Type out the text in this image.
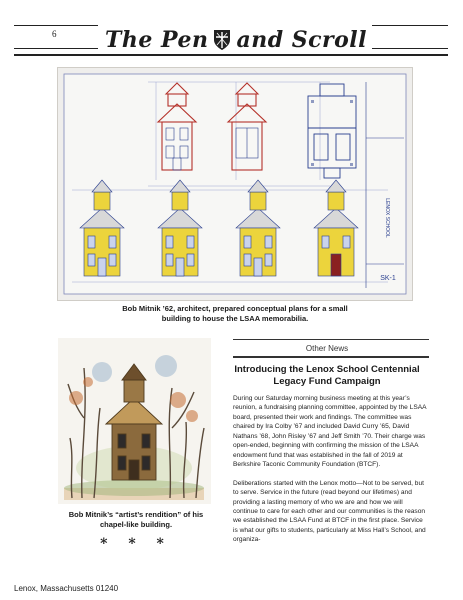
6 The Pen and Scroll
LENOX SCHOOL
SK-1
Bob Mitnik ’62, architect, prepared conceptual plans for a small building to house the LSAA memorabilia.
Bob Mitnik’s “artist’s rendition” of his chapel-like building.
* * *
Lenox, Massachusetts 01240
Other News
Introducing the Lenox School Centennial Legacy Fund Campaign

During our Saturday morning business meeting at this year’s reunion, a fundraising planning committee, appointed by the LSAA board, presented their work and findings. The committee was chaired by Ira Colby ’67 and included David Curry ’65, David Nathans ’68, John Risley ’67 and Jeff Smith ’70. Their charge was open-ended, beginning with confirming the mission of the LSAA endowment fund that was established in the fall of 2019 at Berkshire Taconic Community Foundation (BTCF).

Deliberations started with the Lenox motto—Not to be served, but to serve. Service in the future (read beyond our lifetimes) and providing a lasting memory of who we are and how we will continue to care for each other and our communities is the reason we established the LSAA Fund at BTCF in the first place. Service is what our gifts to students, particularly at Miss Hall’s School, and organiza-
